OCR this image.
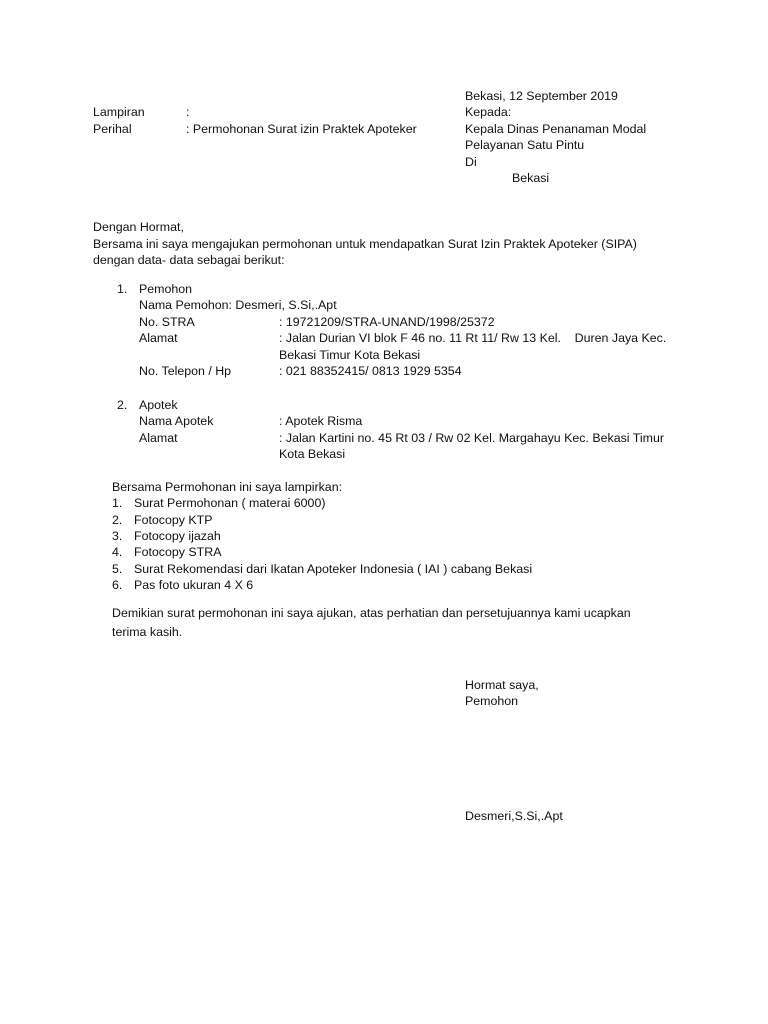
Bekasi, 12 September 2019
Kepada:
Kepala Dinas Penanaman Modal
Pelayanan Satu Pintu
Di
Bekasi
Lampiran	:
Perihal	: Permohonan Surat izin Praktek Apoteker
Dengan Hormat,
Bersama ini saya mengajukan permohonan untuk mendapatkan Surat Izin Praktek Apoteker (SIPA)
dengan data- data sebagai berikut:
1. Pemohon
Nama Pemohon: Desmeri, S.Si,.Apt
No. STRA	: 19721209/STRA-UNAND/1998/25372
Alamat	: Jalan Durian VI blok F 46 no. 11 Rt 11/ Rw 13 Kel.    Duren Jaya Kec.
Bekasi Timur Kota Bekasi
No. Telepon / Hp	: 021 88352415/ 0813 1929 5354
2. Apotek
Nama Apotek	: Apotek Risma
Alamat	: Jalan Kartini no. 45 Rt 03 / Rw 02 Kel. Margahayu Kec. Bekasi Timur
Kota Bekasi
Bersama Permohonan ini saya lampirkan:
1. Surat Permohonan ( materai 6000)
2. Fotocopy KTP
3. Fotocopy ijazah
4. Fotocopy STRA
5. Surat Rekomendasi dari Ikatan Apoteker Indonesia ( IAI ) cabang Bekasi
6. Pas foto ukuran 4 X 6
Demikian surat permohonan ini saya ajukan, atas perhatian dan persetujuannya kami ucapkan
terima kasih.
Hormat saya,
Pemohon
Desmeri,S.Si,.Apt
